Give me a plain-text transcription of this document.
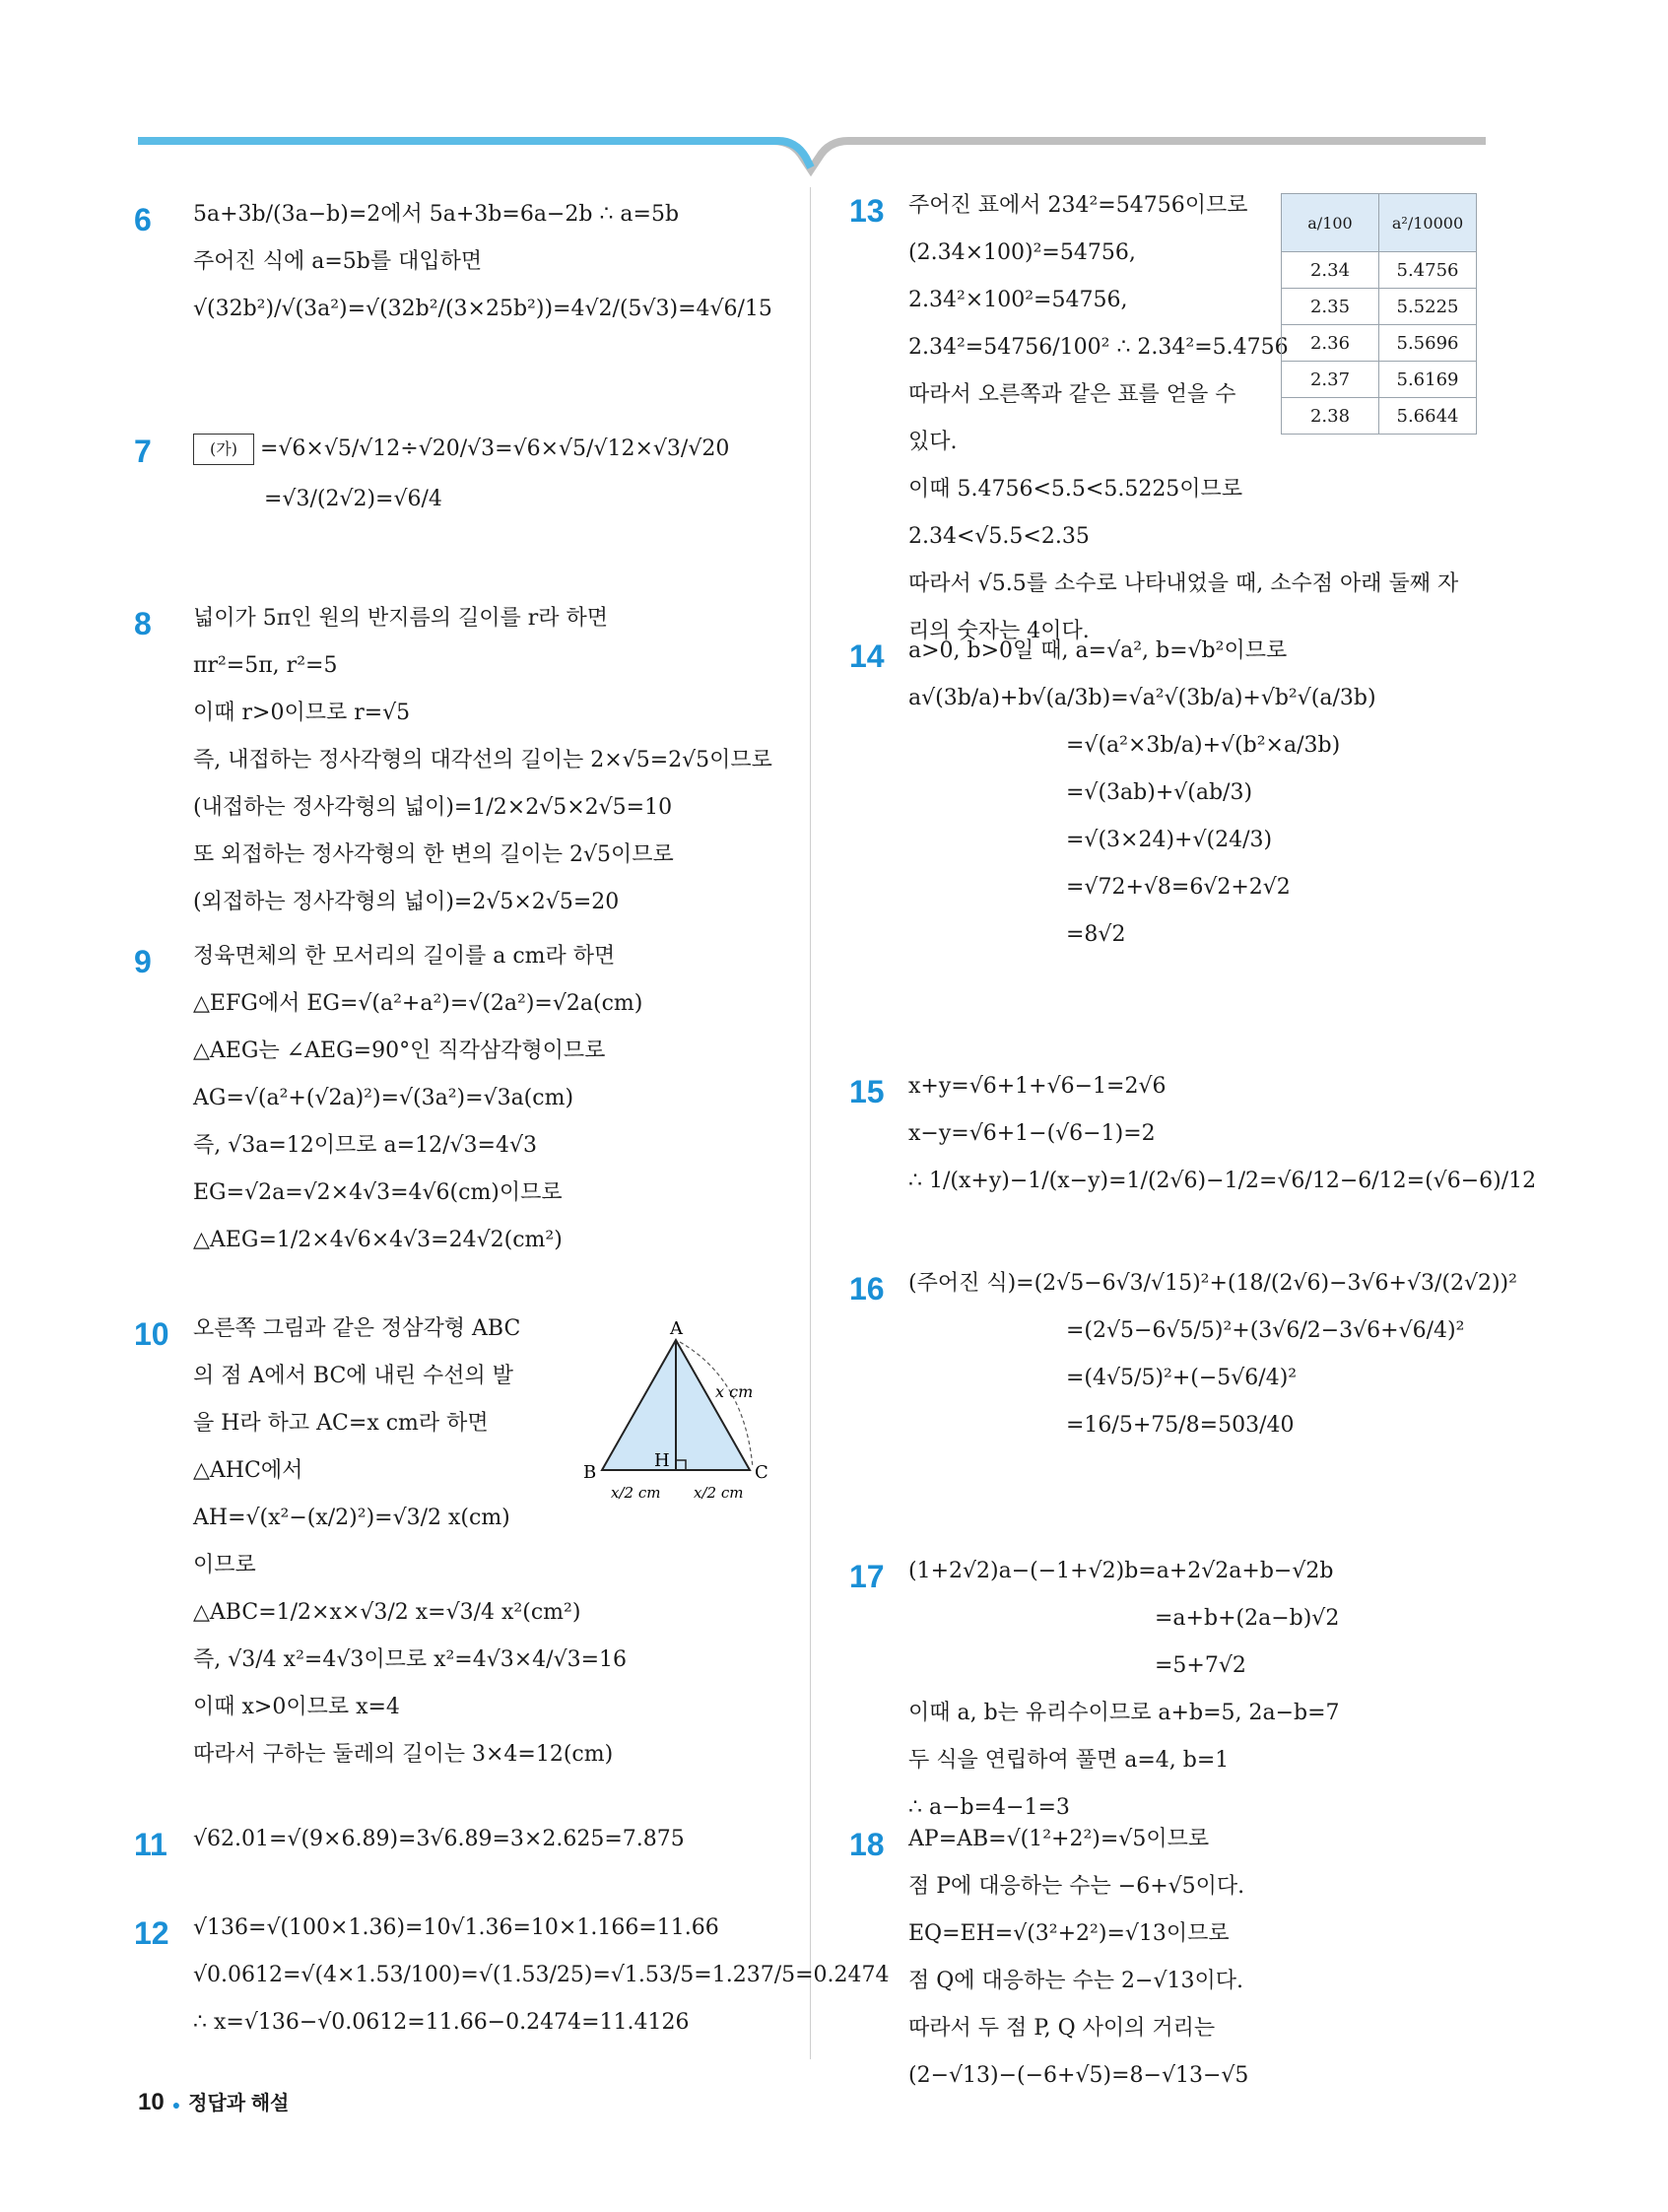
6 5a+3b/(3a−b)=2에서 5a+3b=6a−2b ∴ a=5b
주어진 식에 a=5b를 대입하면
√(32b²)/√(3a²)=√(32b²/(3×25b²))=4√2/(5√3)=4√6/15
7	(가) =√6×√5/√12÷√20/√3=√6×√5/√12×√3/√20
=√3/(2√2)=√6/4
8 넓이가 5π인 원의 반지름의 길이를 r라 하면
πr²=5π, r²=5
이때 r>0이므로 r=√5
즉, 내접하는 정사각형의 대각선의 길이는 2×√5=2√5이므로
(내접하는 정사각형의 넓이)=1/2×2√5×2√5=10
또 외접하는 정사각형의 한 변의 길이는 2√5이므로
(외접하는 정사각형의 넓이)=2√5×2√5=20
9 정육면체의 한 모서리의 길이를 a cm라 하면
△EFG에서 EG=√(a²+a²)=√(2a²)=√2a(cm)
△AEG는 ∠AEG=90°인 직각삼각형이므로
AG=√(a²+(√2a)²)=√(3a²)=√3a(cm)
즉, √3a=12이므로 a=12/√3=4√3
EG=√2a=√2×4√3=4√6(cm)이므로
△AEG=1/2×4√6×4√3=24√2(cm²)
10 오른쪽 그림과 같은 정삼각형 ABC
의 점 A에서 BC에 내린 수선의 발
을 H라 하고 AC=x cm라 하면
△AHC에서
AH=√(x²−(x/2)²)=√3/2 x(cm)
이므로
△ABC=1/2×x×√3/2 x=√3/4 x²(cm²)
즉, √3/4 x²=4√3이므로 x²=4√3×4/√3=16
이때 x>0이므로 x=4
따라서 구하는 둘레의 길이는 3×4=12(cm)
A
B	C
H
x cm
x/2 cm x/2 cm
11 √62.01=√(9×6.89)=3√6.89=3×2.625=7.875
12 √136=√(100×1.36)=10√1.36=10×1.166=11.66
√0.0612=√(4×1.53/100)=√(1.53/25)=√1.53/5=1.237/5=0.2474
∴ x=√136−√0.0612=11.66−0.2474=11.4126
13 주어진 표에서 234²=54756이므로
(2.34×100)²=54756,
2.34²×100²=54756,
2.34²=54756/100² ∴ 2.34²=5.4756
따라서 오른쪽과 같은 표를 얻을 수
있다.
이때 5.4756<5.5<5.5225이므로
2.34<√5.5<2.35
따라서 √5.5를 소수로 나타내었을 때, 소수점 아래 둘째 자
리의 숫자는 4이다.
a/100	a²/10000
2.34	5.4756
2.35	5.5225
2.36	5.5696
2.37	5.6169
2.38	5.6644
14 a>0, b>0일 때, a=√a², b=√b²이므로
a√(3b/a)+b√(a/3b)=√a²√(3b/a)+√b²√(a/3b)
=√(a²×3b/a)+√(b²×a/3b)
=√(3ab)+√(ab/3)
=√(3×24)+√(24/3)
=√72+√8=6√2+2√2
=8√2
15 x+y=√6+1+√6−1=2√6
x−y=√6+1−(√6−1)=2
∴ 1/(x+y)−1/(x−y)=1/(2√6)−1/2=√6/12−6/12=(√6−6)/12
16 (주어진 식)=(2√5−6√3/√15)²+(18/(2√6)−3√6+√3/(2√2))²
=(2√5−6√5/5)²+(3√6/2−3√6+√6/4)²
=(4√5/5)²+(−5√6/4)²
=16/5+75/8=503/40
17 (1+2√2)a−(−1+√2)b=a+2√2a+b−√2b
=a+b+(2a−b)√2
=5+7√2
이때 a, b는 유리수이므로 a+b=5, 2a−b=7
두 식을 연립하여 풀면 a=4, b=1
∴ a−b=4−1=3
18 AP=AB=√(1²+2²)=√5이므로
점 P에 대응하는 수는 −6+√5이다.
EQ=EH=√(3²+2²)=√13이므로
점 Q에 대응하는 수는 2−√13이다.
따라서 두 점 P, Q 사이의 거리는
(2−√13)−(−6+√5)=8−√13−√5
10 ● 정답과 해설
